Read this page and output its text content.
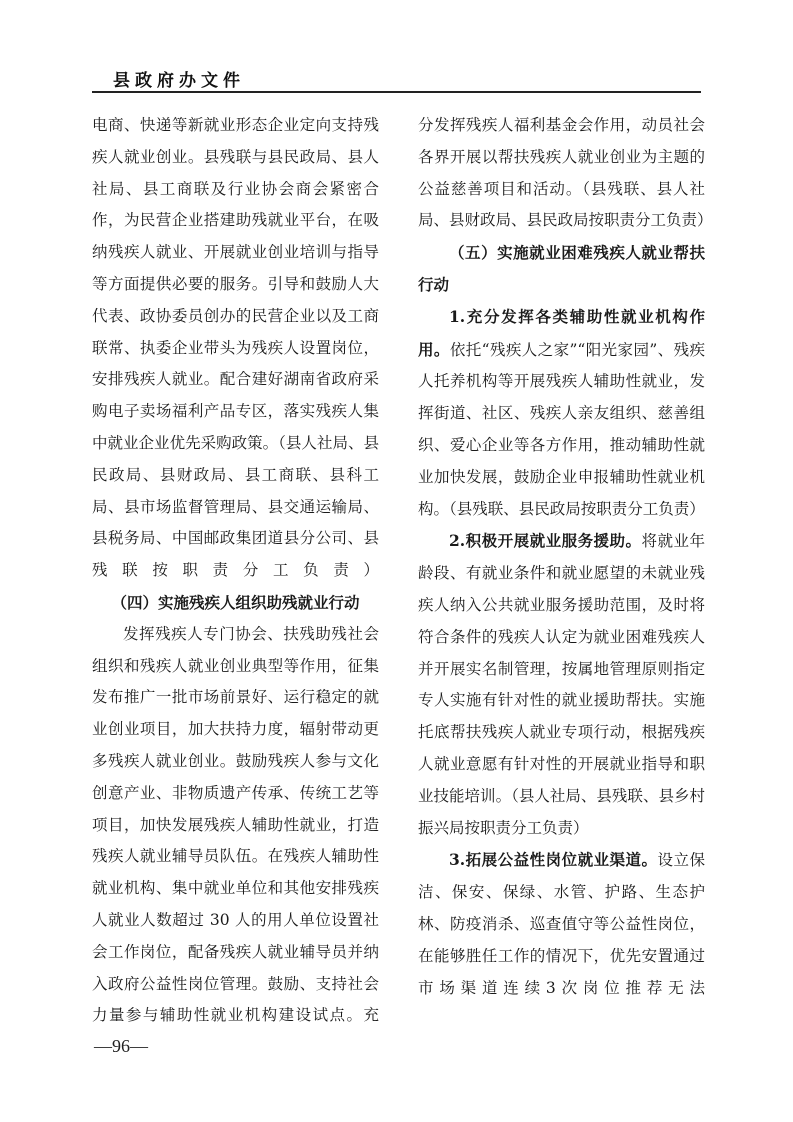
县政府办文件

电商、快递等新就业形态企业定向支持残疾人就业创业。县残联与县民政局、县人社局、县工商联及行业协会商会紧密合作，为民营企业搭建助残就业平台，在吸纳残疾人就业、开展就业创业培训与指导等方面提供必要的服务。引导和鼓励人大代表、政协委员创办的民营企业以及工商联常、执委企业带头为残疾人设置岗位，安排残疾人就业。配合建好湖南省政府采购电子卖场福利产品专区，落实残疾人集中就业企业优先采购政策。（县人社局、县民政局、县财政局、县工商联、县科工局、县市场监督管理局、县交通运输局、县税务局、中国邮政集团道县分公司、县残联按职责分工负责）

（四）实施残疾人组织助残就业行动

发挥残疾人专门协会、扶残助残社会组织和残疾人就业创业典型等作用，征集发布推广一批市场前景好、运行稳定的就业创业项目，加大扶持力度，辐射带动更多残疾人就业创业。鼓励残疾人参与文化创意产业、非物质遗产传承、传统工艺等项目，加快发展残疾人辅助性就业，打造残疾人就业辅导员队伍。在残疾人辅助性就业机构、集中就业单位和其他安排残疾人就业人数超过 30 人的用人单位设置社会工作岗位，配备残疾人就业辅导员并纳入政府公益性岗位管理。鼓励、支持社会力量参与辅助性就业机构建设试点。充

分发挥残疾人福利基金会作用，动员社会各界开展以帮扶残疾人就业创业为主题的公益慈善项目和活动。（县残联、县人社局、县财政局、县民政局按职责分工负责）

（五）实施就业困难残疾人就业帮扶行动

1.充分发挥各类辅助性就业机构作用。依托“残疾人之家”“阳光家园”、残疾人托养机构等开展残疾人辅助性就业，发挥街道、社区、残疾人亲友组织、慈善组织、爱心企业等各方作用，推动辅助性就业加快发展，鼓励企业申报辅助性就业机构。（县残联、县民政局按职责分工负责）

2.积极开展就业服务援助。将就业年龄段、有就业条件和就业愿望的未就业残疾人纳入公共就业服务援助范围，及时将符合条件的残疾人认定为就业困难残疾人并开展实名制管理，按属地管理原则指定专人实施有针对性的就业援助帮扶。实施托底帮扶残疾人就业专项行动，根据残疾人就业意愿有针对性的开展就业指导和职业技能培训。（县人社局、县残联、县乡村振兴局按职责分工负责）

3.拓展公益性岗位就业渠道。设立保洁、保安、保绿、水管、护路、生态护林、防疫消杀、巡查值守等公益性岗位，在能够胜任工作的情况下，优先安置通过市场渠道连续3次岗位推荐无法

—96—
